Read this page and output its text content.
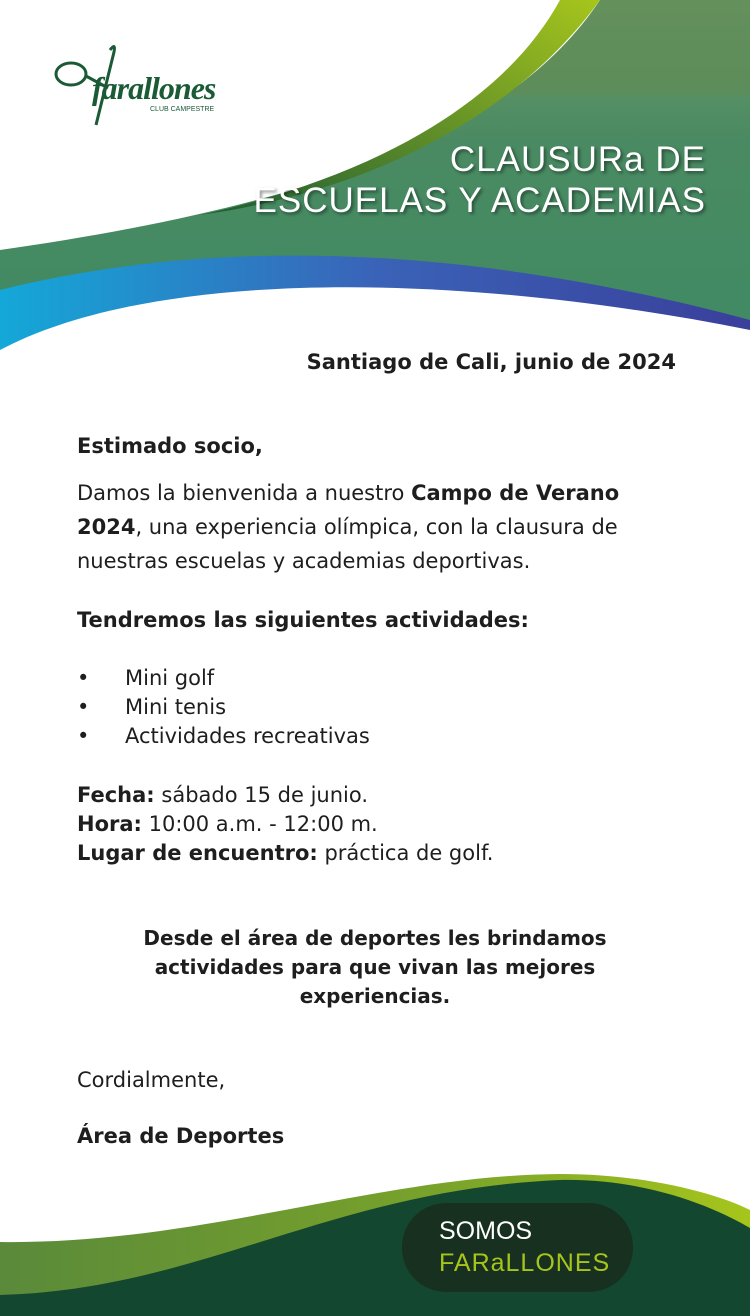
farallones
CLUB CAMPESTRE
CLAUSURa DE
ESCUELAS Y ACADEMIAS
Santiago de Cali, junio de 2024
Estimado socio,
Damos la bienvenida a nuestro Campo de Verano 2024, una experiencia olímpica, con la clausura de nuestras escuelas y academias deportivas.
Tendremos las siguientes actividades:
• Mini golf
• Mini tenis
• Actividades recreativas
Fecha: sábado 15 de junio.
Hora: 10:00 a.m. - 12:00 m.
Lugar de encuentro: práctica de golf.
Desde el área de deportes les brindamos actividades para que vivan las mejores experiencias.
Cordialmente,
Área de Deportes
SOMOS
FARaLLONES
